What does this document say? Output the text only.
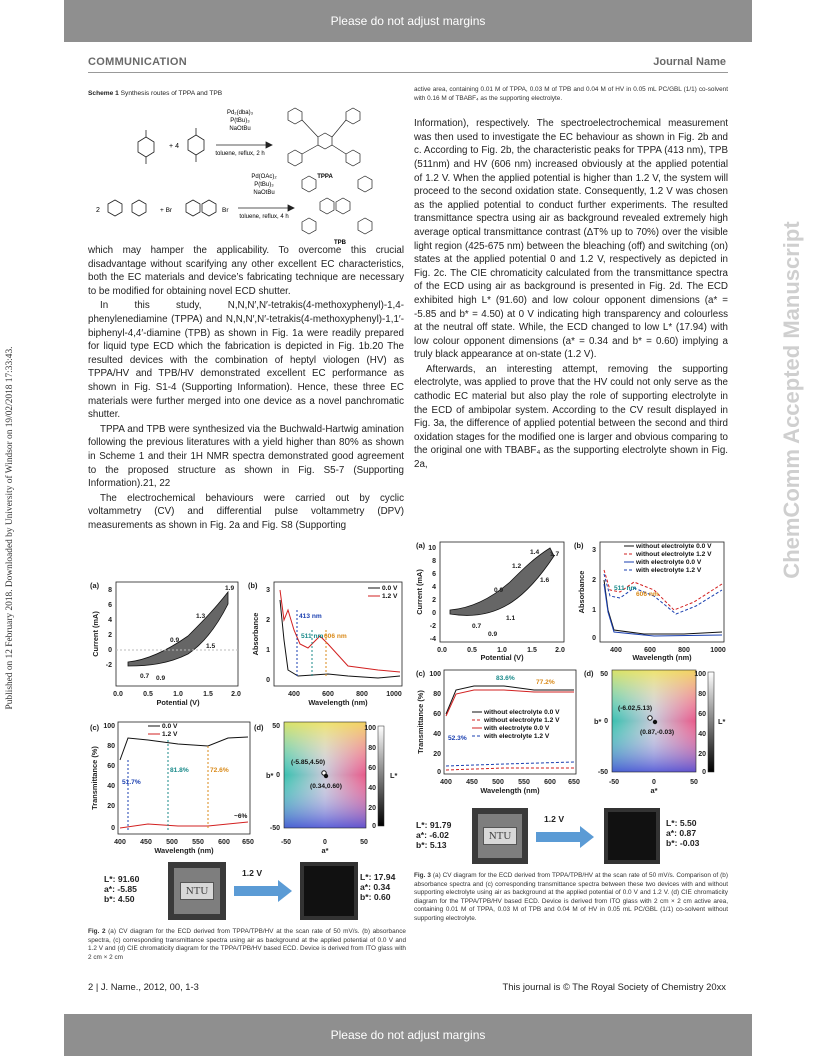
Please do not adjust margins
Please do not adjust margins
COMMUNICATION	Journal Name
Published on 12 February 2018. Downloaded by University of Windsor on 19/02/2018 17:33:43.	ChemComm Accepted Manuscript
Scheme 1 Synthesis routes of TPPA and TPB
Pd₂(dba)₃
P(tBu)₃
NaOtBu
toluene, reflux, 2 h
+ 4
TPPA
Pd(OAc)₂
P(tBu)₃
NaOtBu
toluene, reflux, 4 h
2	+ Br	Br
TPB

which may hamper the applicability. To overcome this crucial disadvantage without scarifying any other excellent EC characteristics, both the EC materials and device’s fabricating technique are necessary to be modified for obtaining novel ECD shutter.

In this study, N,N,N′,N′-tetrakis(4-methoxyphenyl)-1,4-phenylenediamine (TPPA) and N,N,N′,N′-tetrakis(4-methoxyphenyl)-1,1′-biphenyl-4,4′-diamine (TPB) as shown in Fig. 1a were readily prepared for liquid type ECD which the fabrication is depicted in Fig. 1b.20 The resulted devices with the combination of heptyl viologen (HV) as TPPA/HV and TPB/HV demonstrated excellent EC performance as shown in Fig. S1-4 (Supporting Information). Hence, these three EC materials were further merged into one device as a novel panchromatic shutter.

TPPA and TPB were synthesized via the Buchwald-Hartwig amination following the previous literatures with a yield higher than 80% as shown in Scheme 1 and their 1H NMR spectra demonstrated good agreement to the proposed structure as shown in Fig. S5-7 (Supporting Information).21, 22

The electrochemical behaviours were carried out by cyclic voltammetry (CV) and differential pulse voltammetry (DPV) measurements as shown in Fig. 2a and Fig. S8 (Supporting

active area, containing 0.01 M of TPPA, 0.03 M of TPB and 0.04 M of HV in 0.05 mL PC/GBL (1/1) co-solvent with 0.16 M of TBABF₄ as the supporting electrolyte.

Information), respectively. The spectroelectrochemical measurement was then used to investigate the EC behaviour as shown in Fig. 2b and c. According to Fig. 2b, the characteristic peaks for TPPA (413 nm), TPB (511nm) and HV (606 nm) increased obviously at the applied potential of 1.2 V. When the applied potential is higher than 1.2 V, the system will proceed to the second oxidation state. Consequently, 1.2 V was chosen as the applied potential to conduct further experiments. The resulted transmittance spectra using air as background revealed extremely high average optical transmittance contrast (ΔT% up to 70%) over the visible light region (425-675 nm) between the bleaching (off) and switching (on) states at the applied potential 0 and 1.2 V, respectively as depicted in Fig. 2c. The CIE chromaticity calculated from the transmittance spectra of the ECD using air as background is presented in Fig. 2d. The ECD exhibited high L* (91.60) and low colour opponent dimensions (a* = -5.85 and b* = 4.50) at 0 V indicating high transparency and colourless at the neutral off state. While, the ECD changed to low L* (17.94) with low colour opponent dimensions (a* = 0.34 and b* = 0.60) implying a truly black appearance at on-state (1.2 V).

Afterwards, an interesting attempt, removing the supporting electrolyte, was applied to prove that the HV could not only serve as the cathodic EC material but also play the role of supporting electrolyte in the ECD of ambipolar system. According to the CV result displayed in Fig. 3a, the difference of applied potential between the second and third oxidation stages for the modified one is larger and obvious comparing to the original one with TBABF₄ as the supporting electrolyte shown in Fig. 2a,

(a)
8
6
4
2
0
-2
0.0	0.5	1.0	1.5	2.0
Potential (V)
Current (mA)
1.9
1.3
0.9
1.5
0.7 0.9
(b)
413 nm
511 nm 606 nm
0.0 V
1.2 V
3
2
1
0
400	600	800	1000
Wavelength (nm)
Absorbance
(c)	0.0 V
1.2 V
51.7%
81.8%	72.6%
~6%
100
80
60
40
20
0
400 450 500 550 600 650
Wavelength (nm)
Transmittance (%)
(d)
(-5.85,4.50)
(0.34,0.60)
-50	0	50
50
0
-50
100
80
60
40
20
0
b*
a*
L*
L*: 91.60
a*: -5.85
b*: 4.50
NTU
1.2 V	L*: 17.94
a*: 0.34
b*: 0.60
Fig. 2 (a) CV diagram for the ECD derived from TPPA/TPB/HV at the scan rate of 50 mV/s. (b) absorbance spectra, (c) corresponding transmittance spectra using air as background at the applied potential of 0.0 V and 1.2 V and (d) CIE chromaticity diagram for the TPPA/TPB/HV based ECD. Device is derived from ITO glass with 2 cm × 2 cm
(a) 10
8
6
4
2
0
-2
-4
0.0	0.5	1.0	1.5	2.0
Potential (V)
Current (mA)
1.4 1.7
1.2
1.6
0.9
1.1
0.7
0.9
(b)
511 nm
606 nm
without electrolyte 0.0 V
without electrolyte 1.2 V
with electrolyte 0.0 V
with electrolyte 1.2 V
3
2
1
0
400	600	800	1000
Wavelength (nm)
Absorbance
(c)
52.3%
83.6%
77.2%
without electrolyte 0.0 V
without electrolyte 1.2 V
with electrolyte 0.0 V
with electrolyte 1.2 V
100
80
60
40
20
0
400 450 500 550 600 650
Wavelength (nm)
Transmittance (%)
(d)
(-6.02,5.13)
(0.87,-0.03)
-50	0	50
50
0
-50
100
80
60
40
20
0
b*
a*
L*
L*: 91.79
a*: -6.02
b*: 5.13
NTU
1.2 V	L*: 5.50
a*: 0.87
b*: -0.03
Fig. 3 (a) CV diagram for the ECD derived from TPPA/TPB/HV at the scan rate of 50 mV/s. Comparison of (b) absorbance spectra and (c) corresponding transmittance spectra between these two devices with and without supporting electrolyte using air as background at the applied potential of 0.0 V and 1.2 V. (d) CIE chromaticity diagram for the TPPA/TPB/HV based ECD. Device is derived from ITO glass with 2 cm × 2 cm active area, containing 0.01 M of TPPA, 0.03 M of TPB and 0.04 M of HV in 0.05 mL PC/GBL (1/1) co-solvent without supporting electrolyte.
2 | J. Name., 2012, 00, 1-3	This journal is © The Royal Society of Chemistry 20xx
